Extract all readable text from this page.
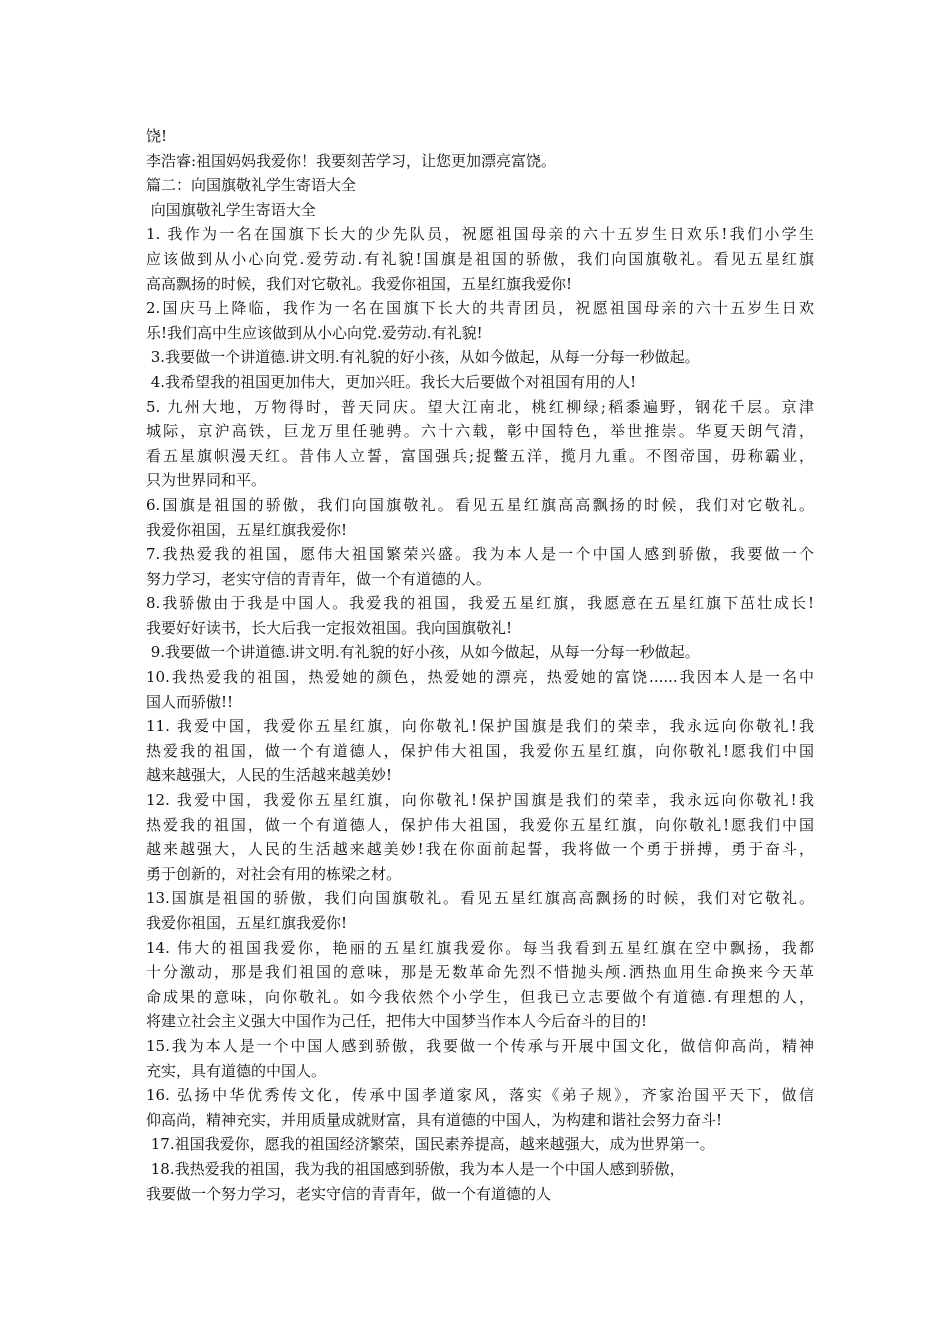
饶!
李浩睿:祖国妈妈我爱你！我要刻苦学习，让您更加漂亮富饶。
篇二：向国旗敬礼学生寄语大全
向国旗敬礼学生寄语大全
1. 我作为一名在国旗下长大的少先队员，祝愿祖国母亲的六十五岁生日欢乐!我们小学生
应该做到从小心向党.爱劳动.有礼貌!国旗是祖国的骄傲，我们向国旗敬礼。看见五星红旗
高高飘扬的时候，我们对它敬礼。我爱你祖国，五星红旗我爱你!
2.国庆马上降临，我作为一名在国旗下长大的共青团员，祝愿祖国母亲的六十五岁生日欢
乐!我们高中生应该做到从小心向党.爱劳动.有礼貌!
3.我要做一个讲道德.讲文明.有礼貌的好小孩，从如今做起，从每一分每一秒做起。
4.我希望我的祖国更加伟大，更加兴旺。我长大后要做个对祖国有用的人!
5. 九州大地，万物得时，普天同庆。望大江南北，桃红柳绿;稻黍遍野，钢花千层。京津
城际，京沪高铁，巨龙万里任驰骋。六十六载，彰中国特色，举世推崇。华夏天朗气清，
看五星旗帜漫天红。昔伟人立誓，富国强兵;捉鳖五洋，揽月九重。不图帝国，毋称霸业，
只为世界同和平。
6.国旗是祖国的骄傲，我们向国旗敬礼。看见五星红旗高高飘扬的时候，我们对它敬礼。
我爱你祖国，五星红旗我爱你!
7.我热爱我的祖国，愿伟大祖国繁荣兴盛。我为本人是一个中国人感到骄傲，我要做一个
努力学习，老实守信的青青年，做一个有道德的人。
8.我骄傲由于我是中国人。我爱我的祖国，我爱五星红旗，我愿意在五星红旗下茁壮成长!
我要好好读书，长大后我一定报效祖国。我向国旗敬礼!
9.我要做一个讲道德.讲文明.有礼貌的好小孩，从如今做起，从每一分每一秒做起。
10.我热爱我的祖国，热爱她的颜色，热爱她的漂亮，热爱她的富饶......我因本人是一名中
国人而骄傲!!
11. 我爱中国，我爱你五星红旗，向你敬礼!保护国旗是我们的荣幸，我永远向你敬礼!我
热爱我的祖国，做一个有道德人，保护伟大祖国，我爱你五星红旗，向你敬礼!愿我们中国
越来越强大，人民的生活越来越美妙!
12. 我爱中国，我爱你五星红旗，向你敬礼!保护国旗是我们的荣幸，我永远向你敬礼!我
热爱我的祖国，做一个有道德人，保护伟大祖国，我爱你五星红旗，向你敬礼!愿我们中国
越来越强大，人民的生活越来越美妙!我在你面前起誓，我将做一个勇于拼搏，勇于奋斗，
勇于创新的，对社会有用的栋梁之材。
13.国旗是祖国的骄傲，我们向国旗敬礼。看见五星红旗高高飘扬的时候，我们对它敬礼。
我爱你祖国，五星红旗我爱你!
14. 伟大的祖国我爱你，艳丽的五星红旗我爱你。每当我看到五星红旗在空中飘扬，我都
十分激动，那是我们祖国的意味，那是无数革命先烈不惜抛头颅.洒热血用生命换来今天革
命成果的意味，向你敬礼。如今我依然个小学生，但我已立志要做个有道德.有理想的人，
将建立社会主义强大中国作为己任，把伟大中国梦当作本人今后奋斗的目的!
15.我为本人是一个中国人感到骄傲，我要做一个传承与开展中国文化，做信仰高尚，精神
充实，具有道德的中国人。
16. 弘扬中华优秀传文化，传承中国孝道家风，落实《弟子规》，齐家治国平天下，做信
仰高尚，精神充实，并用质量成就财富，具有道德的中国人，为构建和谐社会努力奋斗!
17.祖国我爱你，愿我的祖国经济繁荣，国民素养提高，越来越强大，成为世界第一。
18.我热爱我的祖国，我为我的祖国感到骄傲，我为本人是一个中国人感到骄傲，
我要做一个努力学习，老实守信的青青年，做一个有道德的人
